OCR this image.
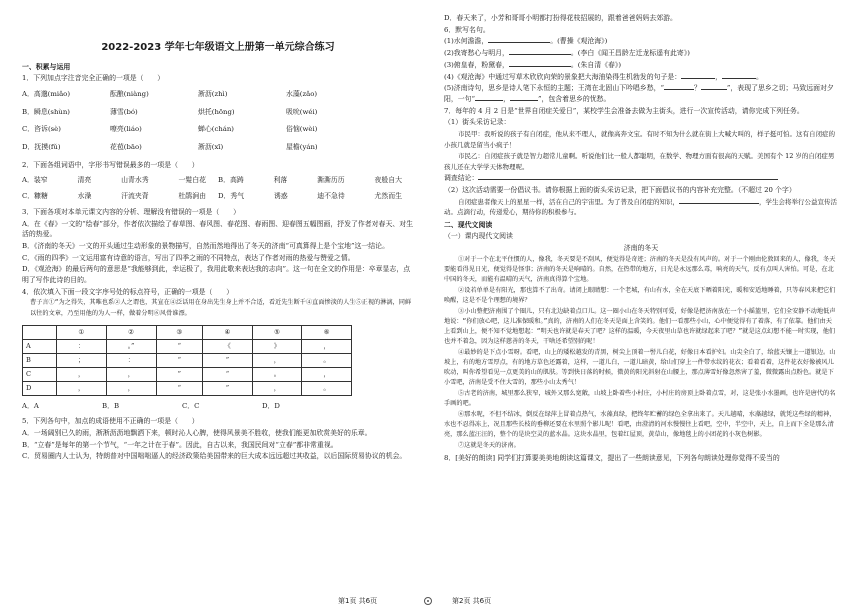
2022-2023 学年七年级语文上册第一单元综合练习
一、积累与运用
1．下列加点字注音完全正确的一项是（　　）
A．高邈(miǎo)	酝酿(niàng)	淅沥(zhì)	水藻(zǎo)
B．瞬息(shùn)	薄雪(bó)	烘托(hōng)	吸吮(wéi)
C．咨诉(sè)	嘹亮(liáo)	蝉心(chán)	俗恼(wèi)
D．抚摸(fǔ)	花苞(bāo)	淅沥(xī)	屋檐(yán)
2．下面各组词语中，字形书写错误最多的一项是（　　）
A．装窄	清亮	山青水秀	一髮白花 B．高踌	利落	澌澌历历	夜般自大
C．糠糖	水澡	汗流夹背	杜鹃涧由 D．秀气	诱惑	迪不急待	尤然而生
3．下面各项对本单元课文内容的分析、理解没有错误的一项是（　　）
A．在《春》一文的“绘春”部分，作者依次描绘了春草图、春风图、春花图、春雨图、迎春图五幅图画，抒发了作者对春天、对生活的热爱。
B．《济南的冬天》一文的开头通过生动形象的景物描写，自然而然地得出了冬天的济南“可真算得上是个宝地”这一结论。
C．《雨的四季》一文运用富有诗意的语言，写出了四季之雨的不同特点，表达了作者对雨的热爱与赞爱之情。
D．《观沧海》的最后两句的意思是“我能够到此，幸运极了，我用此歌来表达我的志向”。这一句在全文的作用是：卒章显志，点明了写作此诗的目的。
4．依次填入下面一段文字序号处的标点符号，正确的一项是（　　）
曹子言①“为之得失，其唯也系②人之谓也，其宣在④泛话用在身出先生身上并不合适，看近先生断千④直面惨淡的人生⑤正视的淋漓，同鲜以往的文章，乃至用他的为人一样，做着分明⑥风骨谁漂。
	①	②	③	④	⑤	⑥
A	：	。”	“	《	》	，
B	；	：	“	”	，	。
C	，	，	”	“	。	，
D	，	，	“	”	，	。
A．A	B．B	C．C	D．D
5．下列各句中，加点的成语使用不正确的一项是（　　）
A．一场阔别已久的雨，淅淅沥沥地飘洒下来，顿时沁人心脾，使得风景美不胜收，使我们能更加欣赏美好的乐章。
B．“立春”是每年的第一个节气，“一年之计在于春”。因此，自古以来，我国民间对“立春”都非常重视。
C．贸易圈内人士认为，特朗普对中国咄咄逼人的经济政策给美国带来的巨大成本远远超过其收益，以后国际贸易协议的机会。
D．春天来了，小芳和哥哥小明都打扮得花枝招展的，跟着爸爸妈妈去郊游。
6．默写名句。
(1)水何澹澹，	。(曹操《观沧海》)
(2)我寄愁心与明月，	。(李白《闻王昌龄左迁龙标遥有此寄》)
(3)俯皇春，粉黛春，	。(朱自清《春》)
(4)《观沧海》中通过写草木欣欣向荣的景象把大海油染得生机勃发的句子是：	，	。
(5)济南诗句，思乡是诗人笔下永恒的主题；王湾在北固山下吟唱乡愁，“	？	”，表现了思乡之切；马致远面对夕阳，一句“	，	”，包含着思乡的忧愁。
7．每年的 4 月 2 日是“世界自闭症关爱日”，某校学生会准备去做为主街头，进行一次宣传活动，请你完成下列任务。
（1）街头采访记录：
市民甲：我听说的孩子有自闭症，他从来不理人，就像高奔文宝。有时不知为什么就在街上大喊大叫的，样子挺可怕。这有自闭症的小孩几就是留当小疯子！
市民乙：自闭症孩子就是智力超常儿童啊。听说他们比一般人都聪明，在数学、物理方面有很高的天赋。美国有个 12 岁的自闭症男孩儿还在大学学天体物理呢。
调查结论：
（2）这次活动需要一份倡议书。请你根据上面的街头采访记录，把下面倡议书的内容补充完整。（不超过 20 个字）
自闭症患者像天上的星星一样，活在自己的宇宙里。为了普及自闭症的知识，	，学生会将举行公益宣传活动。点滴行动，传递爱心，期待你的积极参与。
二、现代文阅读
（一）课内现代文阅读
济南的冬天
①对于一个在北平住惯的人，像我，冬天要是不刮风，便觉得是奇迹；济南的冬天是没有风声的。对于一个刚由伦敦回来的人，像我，冬天要能看得见日光，便觉得是怪事；济南的冬天是响晴的。自然，在热带的地方，日光是永远那么毒，响亮的天气，反有点叫人害怕。可是，在北中国的冬天，而能有温晴的天气，济南真得算个宝地。
②设若单单是有阳光，那也算不了出奇。请闭上眼睛想：一个老城，有山有水，全在天底下晒着阳光，暖和安适地睡着，只等春风来把它们唤醒，这是不是个理想的境界？
③小山整把济南围了个圈儿，只有北边缺着点口儿。这一圈小山在冬天特别可爱，好像是把济南放在一个小摇篮里，它们全安静不动地低声地说：“你们放心吧，这儿准保暖和。”真的，济南的人们在冬天是面上含笑的。他们一看那些小山，心中便觉得有了着落，有了依靠。他们由天上看到山上，便不知不觉地想起：“明天也许就是春天了吧？这样的温暖，今天夜里山草也许就绿起来了吧？”就是这点幻想不能一时实现，他们也并不着急，因为这样慈善的冬天，干啥还希望别的呢！
④最妙的是下点小雪呀。看吧，山上的矮松越发的青黑，树尖上顶着一髻儿白花，好像日本看护妇。山尖全白了，给蓝天镶上一道银边。山坡上，有的地方雪厚点，有的地方草色还露着，这样，一道儿白，一道儿暗黄，给山们穿上一件带水纹的花衣；看着看着，这件花衣好像被风儿吹动，叫你希望看见一点更美的山的肌肤。等到快日落的时候，微黄的阳光斜射在山腰上，那点薄雪好像忽然害了羞，微微露出点粉色。就是下小雪吧，济南是受不住大雪的，那些小山太秀气！
⑤古老的济南，城里那么狭窄，城外又那么宽敞，山坡上卧着些小村庄，小村庄的房顶上卧着点雪，对，这是张小水墨画，也许是唐代的名手画的吧。
⑥那水呢，不但不结冰，倒反在绿萍上冒着点热气，水藻真绿，把终年贮蓄的绿色全拿出来了。天儿越晴，水藻越绿，就凭这些绿的精神，水也不忍得冻上，况且那些长枝的垂柳还要在水里照个影儿呢！看吧，由澄清的河水慢慢往上看吧，空中，半空中，天上，自上而下全是那么清亮，那么蓝汪汪的，整个的是块空灵的蓝水晶。这块水晶里，包着红屋顶，黄草山，像地毯上的小团花的小灰色树影。
⑦这就是冬天的济南。
8．[美好的朗读] 同学们打算要美美地朗读这篇课文，提出了一些朗读意见，下列各句朗读处理你觉得不妥当的
第1页 共6页	第2页 共6页
